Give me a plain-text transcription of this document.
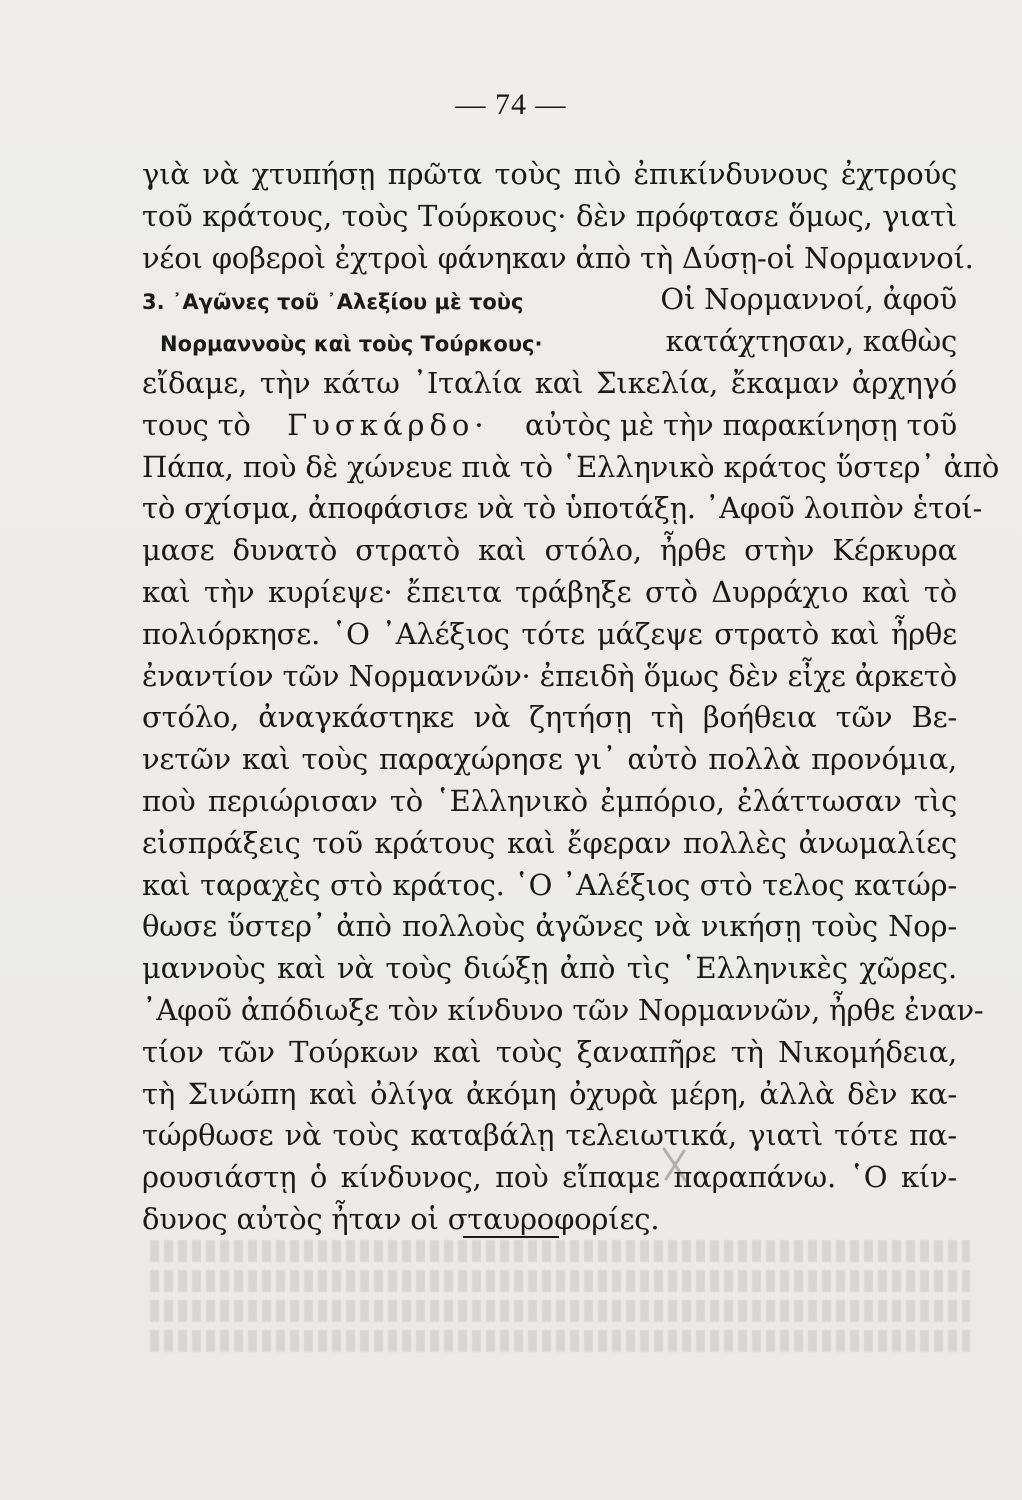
— 74 —
γιὰ νὰ χτυπήσῃ πρῶτα τοὺς πιὸ ἐπικίνδυνους ἐχτρούς
τοῦ κράτους, τοὺς Τούρκους· δὲν πρόφτασε ὅμως, γιατὶ
νέοι φοβεροὶ ἐχτροὶ φάνηκαν ἀπὸ τὴ Δύσῃ-οἱ Νορμαννοί.
3. ᾿Αγῶνες τοῦ ᾿Αλεξίου μὲ τοὺς	Οἱ Νορμαννοί, ἀφοῦ
Νορμαννοὺς καὶ τοὺς Τούρκους·	κατάχτησαν, καθὼς
εἴδαμε, τὴν κάτω ᾿Ιταλία καὶ Σικελία, ἔκαμαν ἀρχηγό
τους τὸ Γυσκάρδο· αὐτὸς μὲ τὴν παρακίνησῃ τοῦ
Πάπα, ποὺ δὲ χώνευε πιὰ τὸ ῾Ελληνικὸ κράτος ὕστερ᾽ ἀπὸ
τὸ σχίσμα, ἀποφάσισε νὰ τὸ ὑποτάξῃ. ᾿Αφοῦ λοιπὸν ἑτοί-
μασε δυνατὸ στρατὸ καὶ στόλο, ἦρθε στὴν Κέρκυρα
καὶ τὴν κυρίεψε· ἔπειτα τράβηξε στὸ Δυρράχιο καὶ τὸ
πολιόρκησε. ῾Ο ᾿Αλέξιος τότε μάζεψε στρατὸ καὶ ἦρθε
ἐναντίον τῶν Νορμαννῶν· ἐπειδὴ ὅμως δὲν εἶχε ἀρκετὸ
στόλο, ἀναγκάστηκε νὰ ζητήσῃ τὴ βοήθεια τῶν Βε-
νετῶν καὶ τοὺς παραχώρησε γι᾽ αὐτὸ πολλὰ προνόμια,
ποὺ περιώρισαν τὸ ῾Ελληνικὸ ἐμπόριο, ἐλάττωσαν τὶς
εἰσπράξεις τοῦ κράτους καὶ ἔφεραν πολλὲς ἀνωμαλίες
καὶ ταραχὲς στὸ κράτος. ῾Ο ᾿Αλέξιος στὸ τελος κατώρ-
θωσε ὕστερ᾽ ἀπὸ πολλοὺς ἀγῶνες νὰ νικήσῃ τοὺς Νορ-
μαννοὺς καὶ νὰ τοὺς διώξῃ ἀπὸ τὶς ῾Ελληνικὲς χῶρες.
᾿Αφοῦ ἀπόδιωξε τὸν κίνδυνο τῶν Νορμαννῶν, ἦρθε ἐναν-
τίον τῶν Τούρκων καὶ τοὺς ξαναπῆρε τὴ Νικομήδεια,
τὴ Σινώπη καὶ ὀλίγα ἀκόμη ὀχυρὰ μέρη, ἀλλὰ δὲν κα-
τώρθωσε νὰ τοὺς καταβάλῃ τελειωτικά, γιατὶ τότε πα-
ρουσιάστῃ ὁ κίνδυνος, ποὺ εἴπαμε παραπάνω. ῾Ο κίν-
δυνος αὐτὸς ἦταν οἱ σταυροφορίες.
